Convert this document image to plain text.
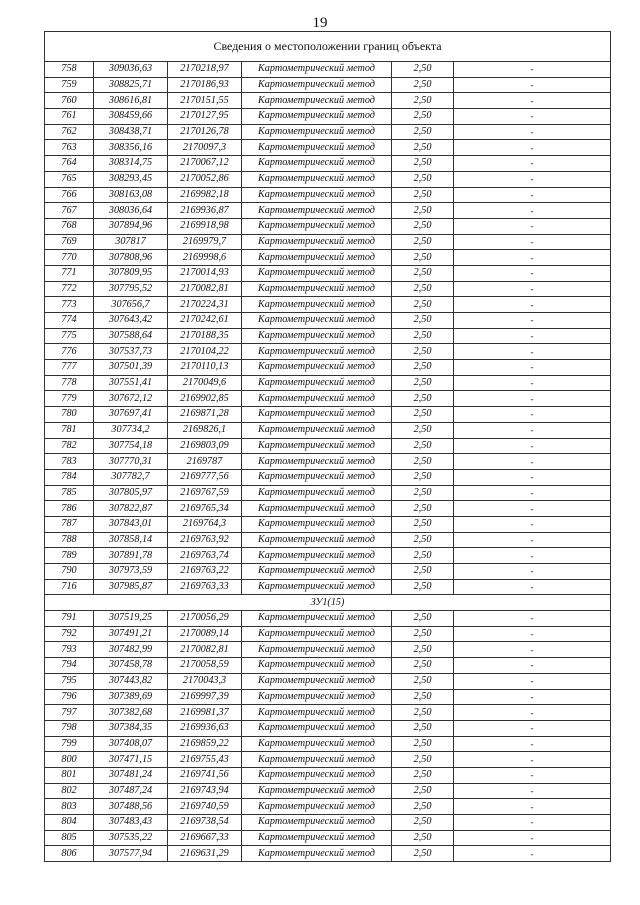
19
Сведения о местоположении границ объекта					
758	309036,63	2170218,97	Картометрический метод	2,50	-
759	308825,71	2170186,93	Картометрический метод	2,50	-
760	308616,81	2170151,55	Картометрический метод	2,50	-
761	308459,66	2170127,95	Картометрический метод	2,50	-
762	308438,71	2170126,78	Картометрический метод	2,50	-
763	308356,16	2170097,3	Картометрический метод	2,50	-
764	308314,75	2170067,12	Картометрический метод	2,50	-
765	308293,45	2170052,86	Картометрический метод	2,50	-
766	308163,08	2169982,18	Картометрический метод	2,50	-
767	308036,64	2169936,87	Картометрический метод	2,50	-
768	307894,96	2169918,98	Картометрический метод	2,50	-
769	307817	2169979,7	Картометрический метод	2,50	-
770	307808,96	2169998,6	Картометрический метод	2,50	-
771	307809,95	2170014,93	Картометрический метод	2,50	-
772	307795,52	2170082,81	Картометрический метод	2,50	-
773	307656,7	2170224,31	Картометрический метод	2,50	-
774	307643,42	2170242,61	Картометрический метод	2,50	-
775	307588,64	2170188,35	Картометрический метод	2,50	-
776	307537,73	2170104,22	Картометрический метод	2,50	-
777	307501,39	2170110,13	Картометрический метод	2,50	-
778	307551,41	2170049,6	Картометрический метод	2,50	-
779	307672,12	2169902,85	Картометрический метод	2,50	-
780	307697,41	2169871,28	Картометрический метод	2,50	-
781	307734,2	2169826,1	Картометрический метод	2,50	-
782	307754,18	2169803,09	Картометрический метод	2,50	-
783	307770,31	2169787	Картометрический метод	2,50	-
784	307782,7	2169777,56	Картометрический метод	2,50	-
785	307805,97	2169767,59	Картометрический метод	2,50	-
786	307822,87	2169765,34	Картометрический метод	2,50	-
787	307843,01	2169764,3	Картометрический метод	2,50	-
788	307858,14	2169763,92	Картометрический метод	2,50	-
789	307891,78	2169763,74	Картометрический метод	2,50	-
790	307973,59	2169763,22	Картометрический метод	2,50	-
716	307985,87	2169763,33	Картометрический метод	2,50	-
ЗУ1(15)					
791	307519,25	2170056,29	Картометрический метод	2,50	-
792	307491,21	2170089,14	Картометрический метод	2,50	-
793	307482,99	2170082,81	Картометрический метод	2,50	-
794	307458,78	2170058,59	Картометрический метод	2,50	-
795	307443,82	2170043,3	Картометрический метод	2,50	-
796	307389,69	2169997,39	Картометрический метод	2,50	-
797	307382,68	2169981,37	Картометрический метод	2,50	-
798	307384,35	2169936,63	Картометрический метод	2,50	-
799	307408,07	2169859,22	Картометрический метод	2,50	-
800	307471,15	2169755,43	Картометрический метод	2,50	-
801	307481,24	2169741,56	Картометрический метод	2,50	-
802	307487,24	2169743,94	Картометрический метод	2,50	-
803	307488,56	2169740,59	Картометрический метод	2,50	-
804	307483,43	2169738,54	Картометрический метод	2,50	-
805	307535,22	2169667,33	Картометрический метод	2,50	-
806	307577,94	2169631,29	Картометрический метод	2,50	-
